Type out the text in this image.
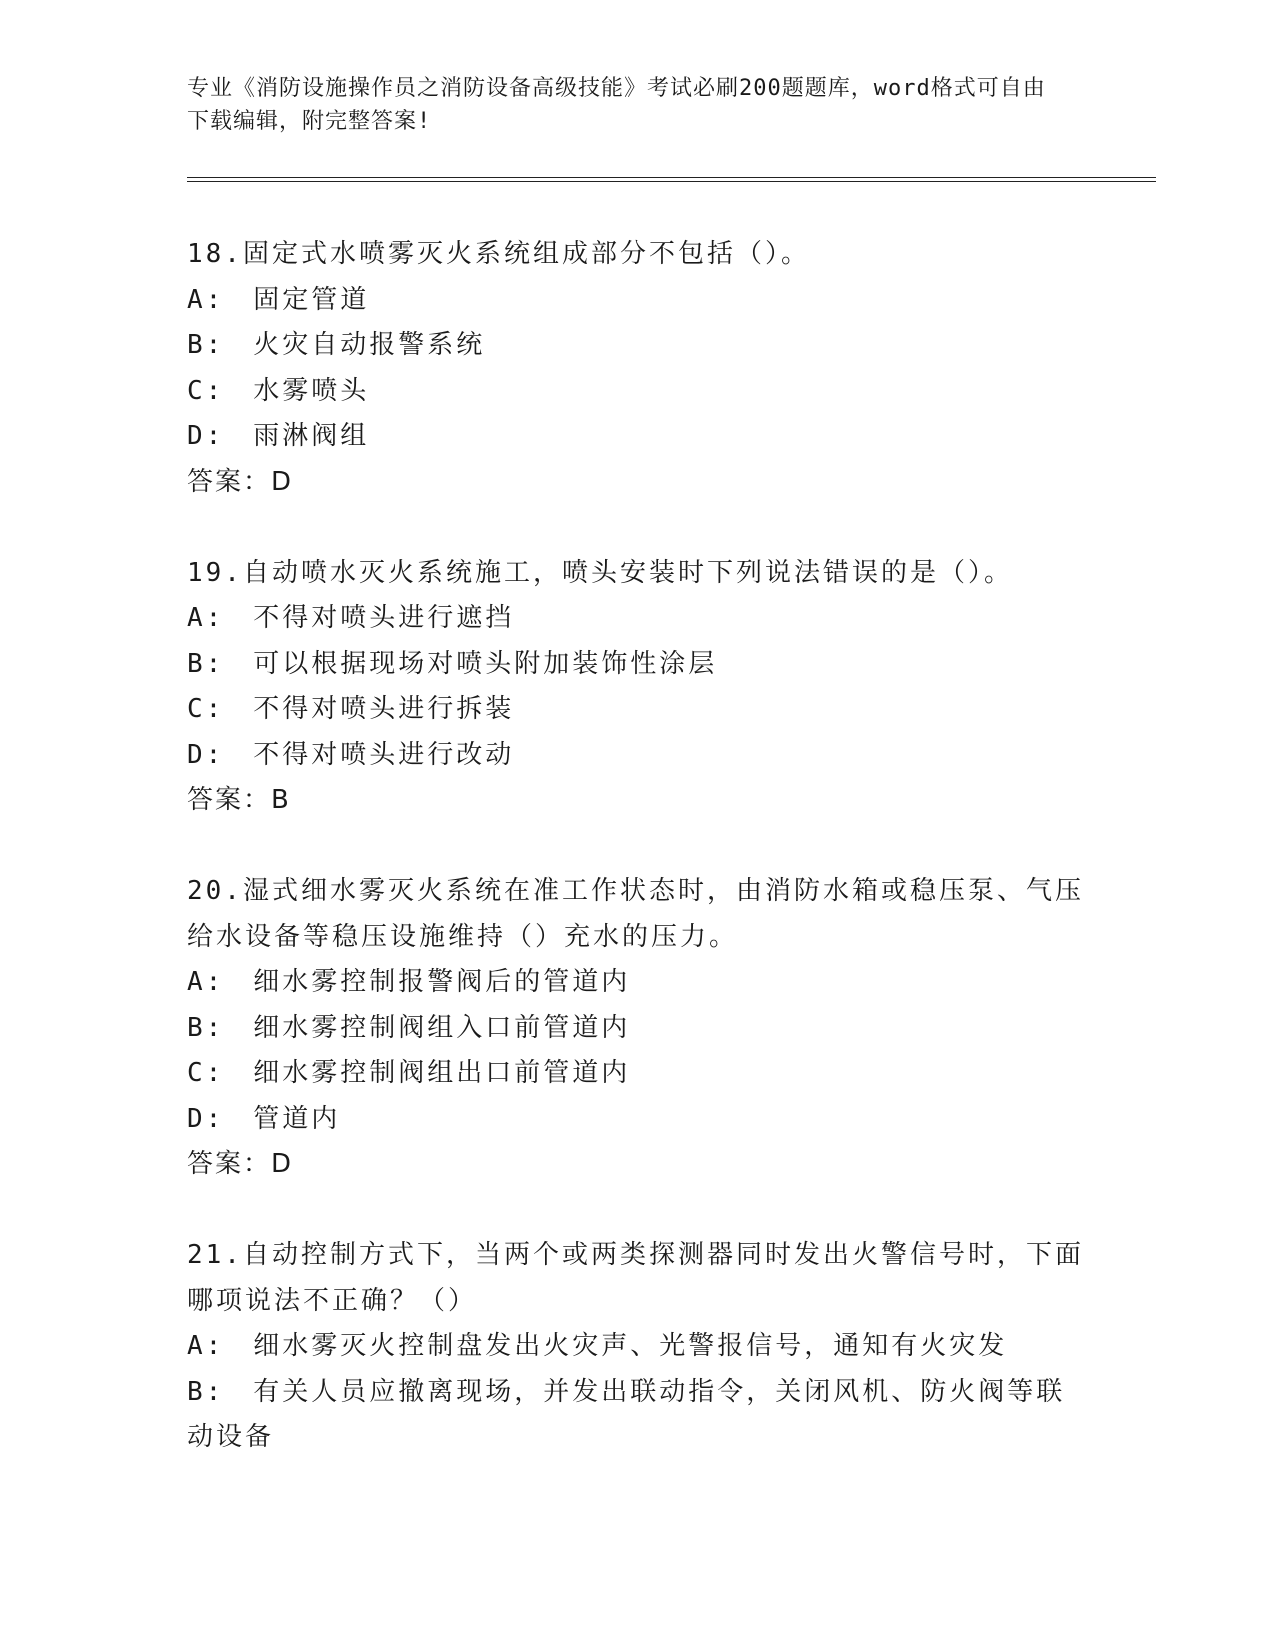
专业《消防设施操作员之消防设备高级技能》考试必刷200题题库，word格式可自由下载编辑，附完整答案!
18.固定式水喷雾灭火系统组成部分不包括（）。
A:　固定管道
B:　火灾自动报警系统
C:　水雾喷头
D:　雨淋阀组
答案：D
19.自动喷水灭火系统施工，喷头安装时下列说法错误的是（）。
A:　不得对喷头进行遮挡
B:　可以根据现场对喷头附加装饰性涂层
C:　不得对喷头进行拆装
D:　不得对喷头进行改动
答案：B
20.湿式细水雾灭火系统在准工作状态时，由消防水箱或稳压泵、气压给水设备等稳压设施维持（）充水的压力。
A:　细水雾控制报警阀后的管道内
B:　细水雾控制阀组入口前管道内
C:　细水雾控制阀组出口前管道内
D:　管道内
答案：D
21.自动控制方式下，当两个或两类探测器同时发出火警信号时，下面哪项说法不正确？（）
A:　细水雾灭火控制盘发出火灾声、光警报信号，通知有火灾发
B:　有关人员应撤离现场，并发出联动指令，关闭风机、防火阀等联动设备
